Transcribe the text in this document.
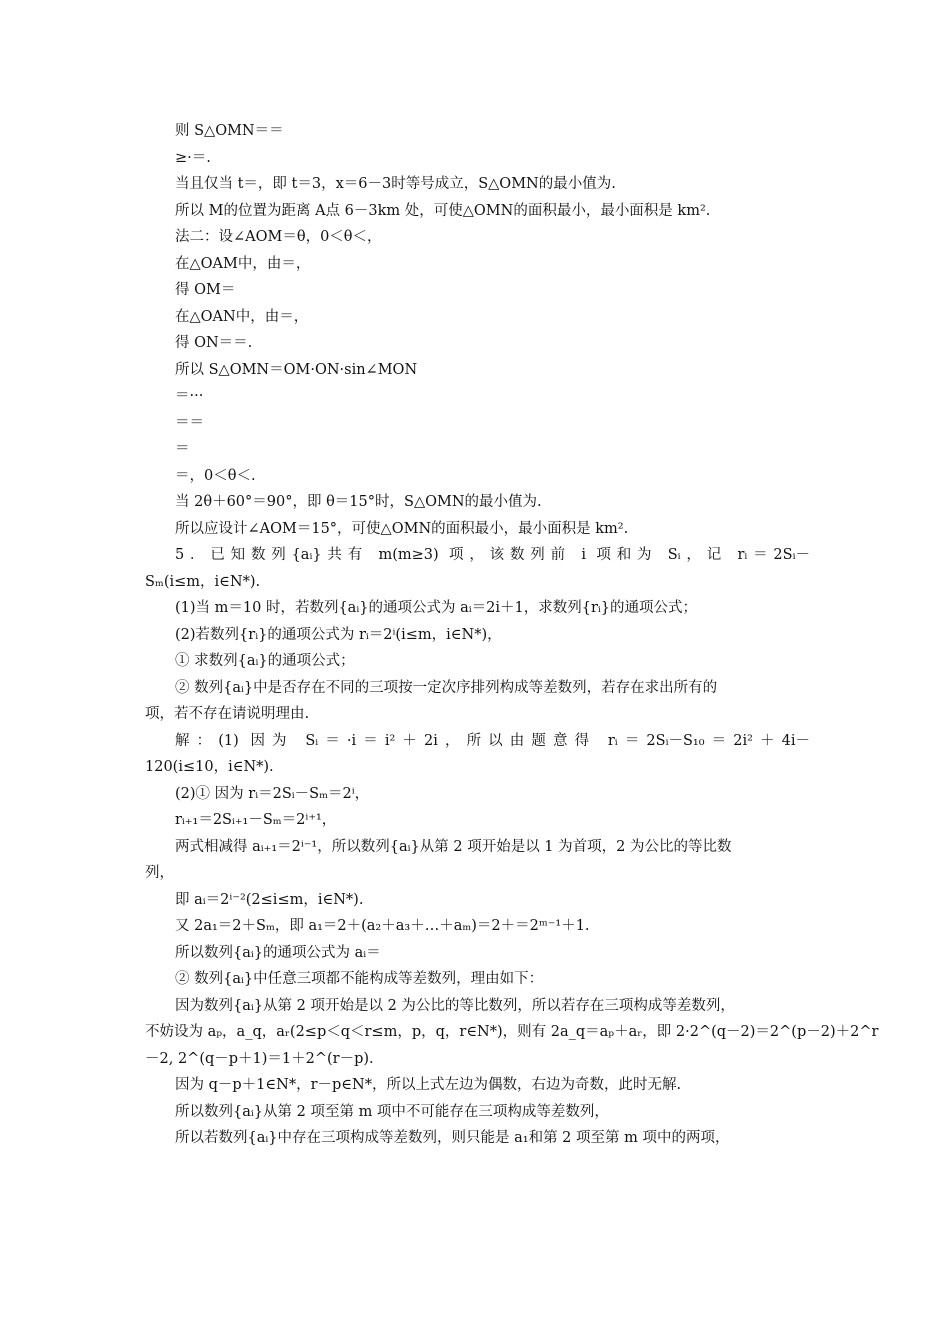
则 S△OMN＝＝
≥·＝.
当且仅当 t＝，即 t＝3，x＝6－3时等号成立，S△OMN的最小值为.
所以 M的位置为距离 A点 6－3km 处，可使△OMN的面积最小，最小面积是 km².
法二：设∠AOM＝θ，0＜θ＜，
在△OAM中，由＝，
得 OM＝
在△OAN中，由＝，
得 ON＝＝.
所以 S△OMN＝OM·ON·sin∠MON
＝···
＝＝
＝
＝，0＜θ＜.
当 2θ＋60°＝90°，即 θ＝15°时，S△OMN的最小值为.
所以应设计∠AOM＝15°，可使△OMN的面积最小，最小面积是 km².
5．已知数列{aᵢ}共有 m(m≥3) 项，该数列前 i 项和为 Sᵢ，记 rᵢ＝2Sᵢ－
Sₘ(i≤m，i∈N*).
(1)当 m＝10 时，若数列{aᵢ}的通项公式为 aᵢ＝2i＋1，求数列{rᵢ}的通项公式；
(2)若数列{rᵢ}的通项公式为 rᵢ＝2ⁱ(i≤m，i∈N*)，
① 求数列{aᵢ}的通项公式；
② 数列{aᵢ}中是否存在不同的三项按一定次序排列构成等差数列，若存在求出所有的
项，若不存在请说明理由.
解：(1) 因为 Sᵢ＝·i＝i²＋2i，所以由题意得 rᵢ＝2Sᵢ－S₁₀＝2i²＋4i－
120(i≤10，i∈N*).
(2)① 因为 rᵢ＝2Sᵢ－Sₘ＝2ⁱ，
rᵢ₊₁＝2Sᵢ₊₁－Sₘ＝2ⁱ⁺¹，
两式相减得 aᵢ₊₁＝2ⁱ⁻¹，所以数列{aᵢ}从第 2 项开始是以 1 为首项，2 为公比的等比数
列，
即 aᵢ＝2ⁱ⁻²(2≤i≤m，i∈N*).
又 2a₁＝2＋Sₘ，即 a₁＝2＋(a₂＋a₃＋…＋aₘ)＝2＋＝2ᵐ⁻¹＋1.
所以数列{aᵢ}的通项公式为 aᵢ＝
② 数列{aᵢ}中任意三项都不能构成等差数列，理由如下：
因为数列{aᵢ}从第 2 项开始是以 2 为公比的等比数列，所以若存在三项构成等差数列，
不妨设为 aₚ，a_q，aᵣ(2≤p＜q＜r≤m，p，q，r∈N*)，则有 2a_q＝aₚ＋aᵣ，即 2·2^(q－2)＝2^(p－2)＋2^r
－2, 2^(q－p＋1)＝1＋2^(r－p).
因为 q－p＋1∈N*，r－p∈N*，所以上式左边为偶数，右边为奇数，此时无解.
所以数列{aᵢ}从第 2 项至第 m 项中不可能存在三项构成等差数列，
所以若数列{aᵢ}中存在三项构成等差数列，则只能是 a₁和第 2 项至第 m 项中的两项，
